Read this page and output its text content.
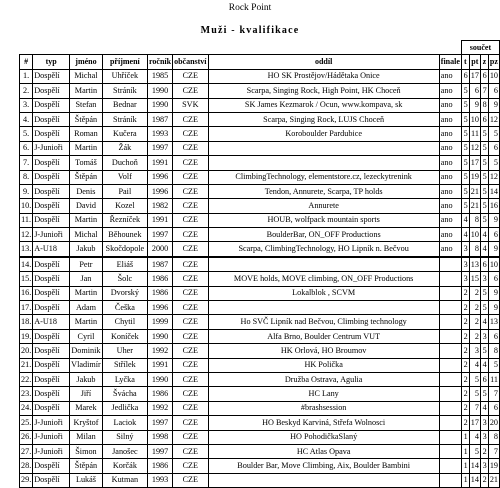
Rock Point
Muži - kvalifikace
								součet			
#	typ	jméno	příjmení	ročník	občanství	oddíl	finale	t	pt	z	pz
1.	Dospělí	Michal	Uhříček	1985	CZE	HO SK Prostějov/Hádětaka Onice	ano	6	17	6	10
2.	Dospělí	Martin	Stráník	1990	CZE	Scarpa, Singing Rock, High Point, HK Choceň	ano	5	6	7	6
3.	Dospělí	Stefan	Bednar	1990	SVK	SK James Kezmarok / Ocun, www.kompava, sk	ano	5	9	8	9
4.	Dospělí	Štěpán	Stráník	1987	CZE	Scarpa, Singing Rock, LUJS Choceň	ano	5	10	6	12
5.	Dospělí	Roman	Kučera	1993	CZE	Koroboulder Pardubice	ano	5	11	5	5
6.	J-Junioři	Martin	Žák	1997	CZE		ano	5	12	5	6
7.	Dospělí	Tomáš	Duchoň	1991	CZE		ano	5	17	5	5
8.	Dospělí	Štěpán	Volf	1996	CZE	ClimbingTechnology, elementstore.cz, lezeckytrenink	ano	5	19	5	12
9.	Dospělí	Denis	Pail	1996	CZE	Tendon, Annurete, Scarpa, TP holds	ano	5	21	5	14
10.	Dospělí	David	Kozel	1982	CZE	Annurete	ano	5	21	5	16
11.	Dospělí	Martin	Řezníček	1991	CZE	HOUB, wolfpack mountain sports	ano	4	8	5	9
12.	J-Junioři	Michal	Běhounek	1997	CZE	BoulderBar, ON_OFF Productions	ano	4	10	4	6
13.	A-U18	Jakub	Skočdopole	2000	CZE	Scarpa, ClimbingTechnology, HO Lipník n. Bečvou	ano	3	8	4	9
14.	Dospělí	Petr	Eliáš	1987	CZE			3	13	6	10
15.	Dospělí	Jan	Šolc	1986	CZE	MOVE holds, MOVE climbing, ON_OFF Productions		3	15	3	6
16.	Dospělí	Martin	Dvorský	1986	CZE	Lokalblok , SCVM		2	2	5	9
17.	Dospělí	Adam	Češka	1996	CZE			2	2	5	9
18.	A-U18	Martin	Chytil	1999	CZE	Ho SVČ Lipník nad Bečvou, Climbing technology		2	2	4	13
19.	Dospělí	Cyril	Koníček	1990	CZE	Alfa Brno, Boulder Centrum VUT		2	2	3	6
20.	Dospělí	Dominik	Uher	1992	CZE	HK Orlová, HO Broumov		2	3	5	8
21.	Dospělí	Vladimír	Střílek	1991	CZE	HK Polička		2	4	4	5
22.	Dospělí	Jakub	Lyčka	1990	CZE	Družba Ostrava, Agulia		2	5	6	11
23.	Dospělí	Jiří	Švácha	1986	CZE	HC Lany		2	5	5	7
24.	Dospělí	Marek	Jedlička	1992	CZE	#brashsession		2	7	4	6
25.	J-Junioři	Kryštof	Laciok	1997	CZE	HO Beskyd Karviná, Střefa Wolnosci		2	17	3	20
26.	J-Junioři	Milan	Silný	1998	CZE	HO PohodičkaSlaný		1	4	3	8
27.	J-Junioři	Šimon	Janošec	1997	CZE	HC Atlas Opava		1	5	2	7
28.	Dospělí	Štěpán	Korčák	1986	CZE	Boulder Bar, Move Climbing, Aix, Boulder Bambini		1	14	3	19
29.	Dospělí	Lukáš	Kutman	1993	CZE			1	14	2	21
